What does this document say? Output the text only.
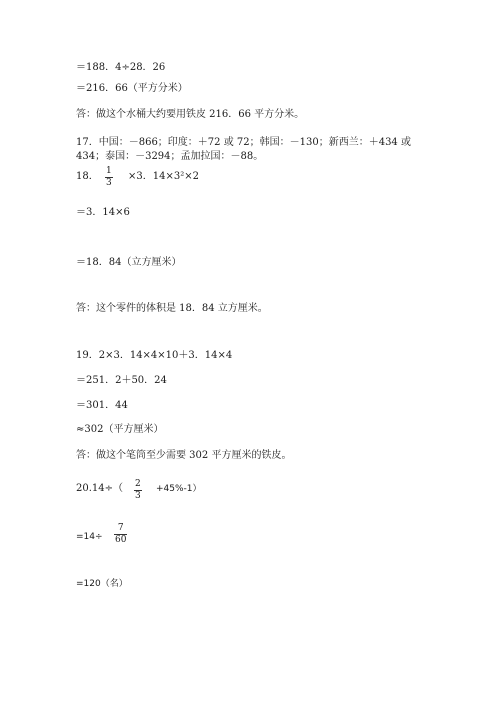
＝188．4÷28．26
＝216．66（平方分米）
答：做这个水桶大约要用铁皮 216．66 平方分米。
17．中国：－866；印度：＋72 或 72；韩国：－130；新西兰：＋434 或 434；泰国：－3294；孟加拉国：－88。
18． 1
3
×3．14×3²×2
＝3．14×6
＝18．84（立方厘米）
答：这个零件的体积是 18．84 立方厘米。
19．2×3．14×4×10＋3．14×4
＝251．2＋50．24
＝301．44
≈302（平方厘米）
答：做这个笔筒至少需要 302 平方厘米的铁皮。
20.14÷（ 2
3
+45%-1）
=14÷
7
60
=120（名）
